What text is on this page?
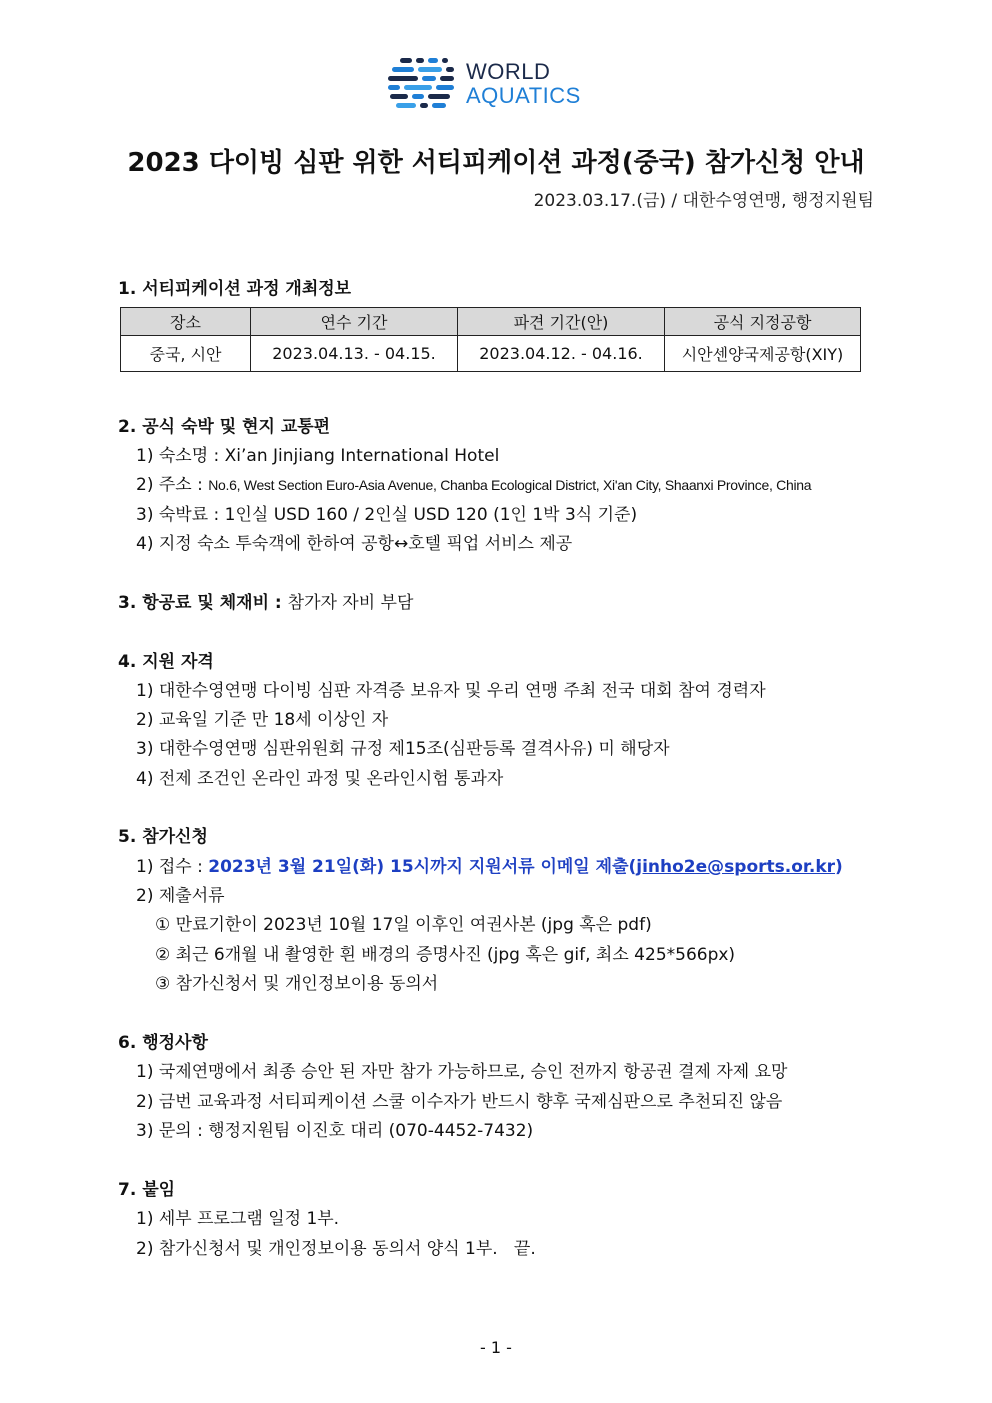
WORLD
AQUATICS
2023 다이빙 심판 위한 서티피케이션 과정(중국) 참가신청 안내
2023.03.17.(금) / 대한수영연맹, 행정지원팀
1. 서티피케이션 과정 개최정보
장소	연수 기간	파견 기간(안)	공식 지정공항
중국, 시안	2023.04.13. - 04.15.	2023.04.12. - 04.16.	시안센양국제공항(XIY)
2. 공식 숙박 및 현지 교통편
1) 숙소명 : Xi’an Jinjiang International Hotel
2) 주소 : No.6, West Section Euro-Asia Avenue, Chanba Ecological District, Xi'an City, Shaanxi Province, China
3) 숙박료 : 1인실 USD 160 / 2인실 USD 120 (1인 1박 3식 기준)
4) 지정 숙소 투숙객에 한하여 공항↔호텔 픽업 서비스 제공
3. 항공료 및 체재비 : 참가자 자비 부담
4. 지원 자격
1) 대한수영연맹 다이빙 심판 자격증 보유자 및 우리 연맹 주최 전국 대회 참여 경력자
2) 교육일 기준 만 18세 이상인 자
3) 대한수영연맹 심판위원회 규정 제15조(심판등록 결격사유) 미 해당자
4) 전제 조건인 온라인 과정 및 온라인시험 통과자
5. 참가신청
1) 접수 : 2023년 3월 21일(화) 15시까지 지원서류 이메일 제출(jinho2e@sports.or.kr)
2) 제출서류
① 만료기한이 2023년 10월 17일 이후인 여권사본 (jpg 혹은 pdf)
② 최근 6개월 내 촬영한 흰 배경의 증명사진 (jpg 혹은 gif, 최소 425*566px)
③ 참가신청서 및 개인정보이용 동의서
6. 행정사항
1) 국제연맹에서 최종 승안 된 자만 참가 가능하므로, 승인 전까지 항공권 결제 자제 요망
2) 금번 교육과정 서티피케이션 스쿨 이수자가 반드시 향후 국제심판으로 추천되진 않음
3) 문의 : 행정지원팀 이진호 대리 (070-4452-7432)
7. 붙임
1) 세부 프로그램 일정 1부.
2) 참가신청서 및 개인정보이용 동의서 양식 1부.   끝.
- 1 -
